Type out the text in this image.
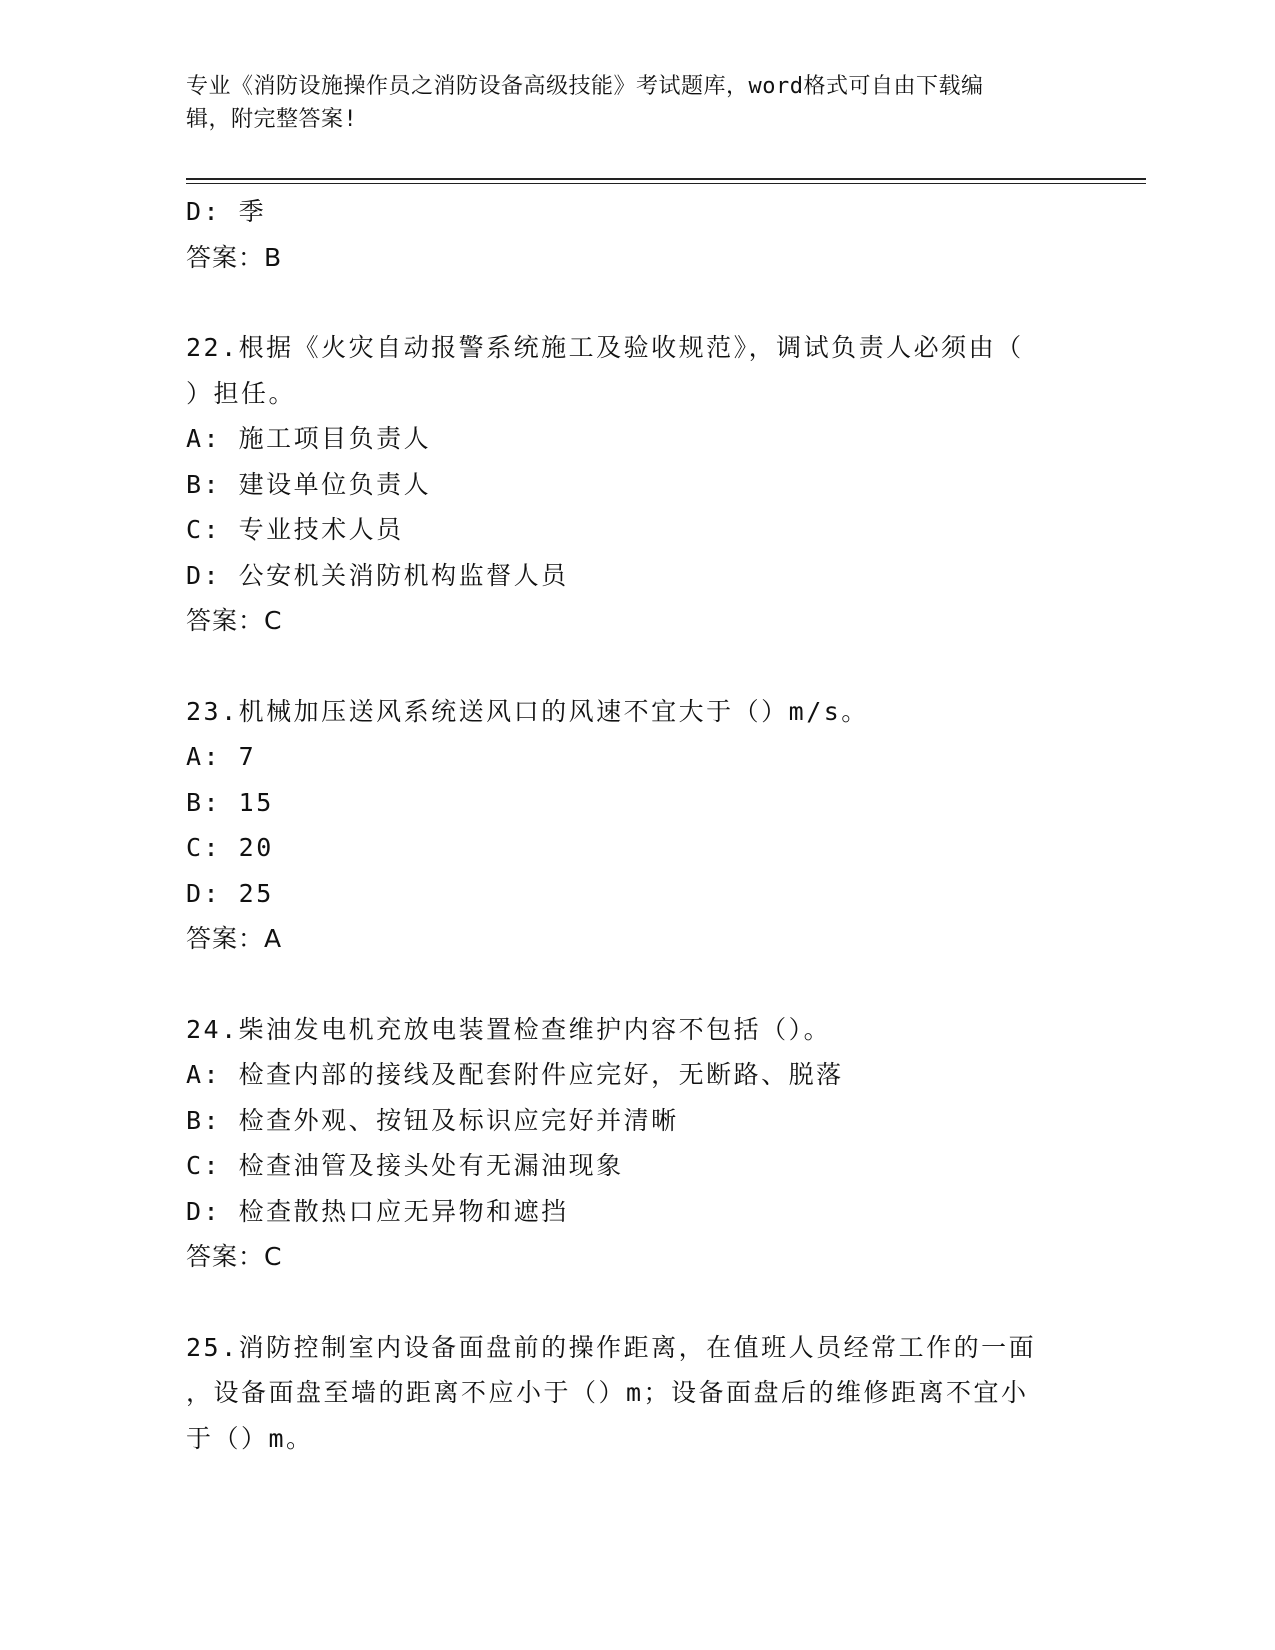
专业《消防设施操作员之消防设备高级技能》考试题库，word格式可自由下载编
辑，附完整答案!
D: 季
答案：B
22.根据《火灾自动报警系统施工及验收规范》，调试负责人必须由（
）担任。
A: 施工项目负责人
B: 建设单位负责人
C: 专业技术人员
D: 公安机关消防机构监督人员
答案：C
23.机械加压送风系统送风口的风速不宜大于（）m/s。
A: 7
B: 15
C: 20
D: 25
答案：A
24.柴油发电机充放电装置检查维护内容不包括（）。
A: 检查内部的接线及配套附件应完好，无断路、脱落
B: 检查外观、按钮及标识应完好并清晰
C: 检查油管及接头处有无漏油现象
D: 检查散热口应无异物和遮挡
答案：C
25.消防控制室内设备面盘前的操作距离，在值班人员经常工作的一面
，设备面盘至墙的距离不应小于（）m；设备面盘后的维修距离不宜小
于（）m。
